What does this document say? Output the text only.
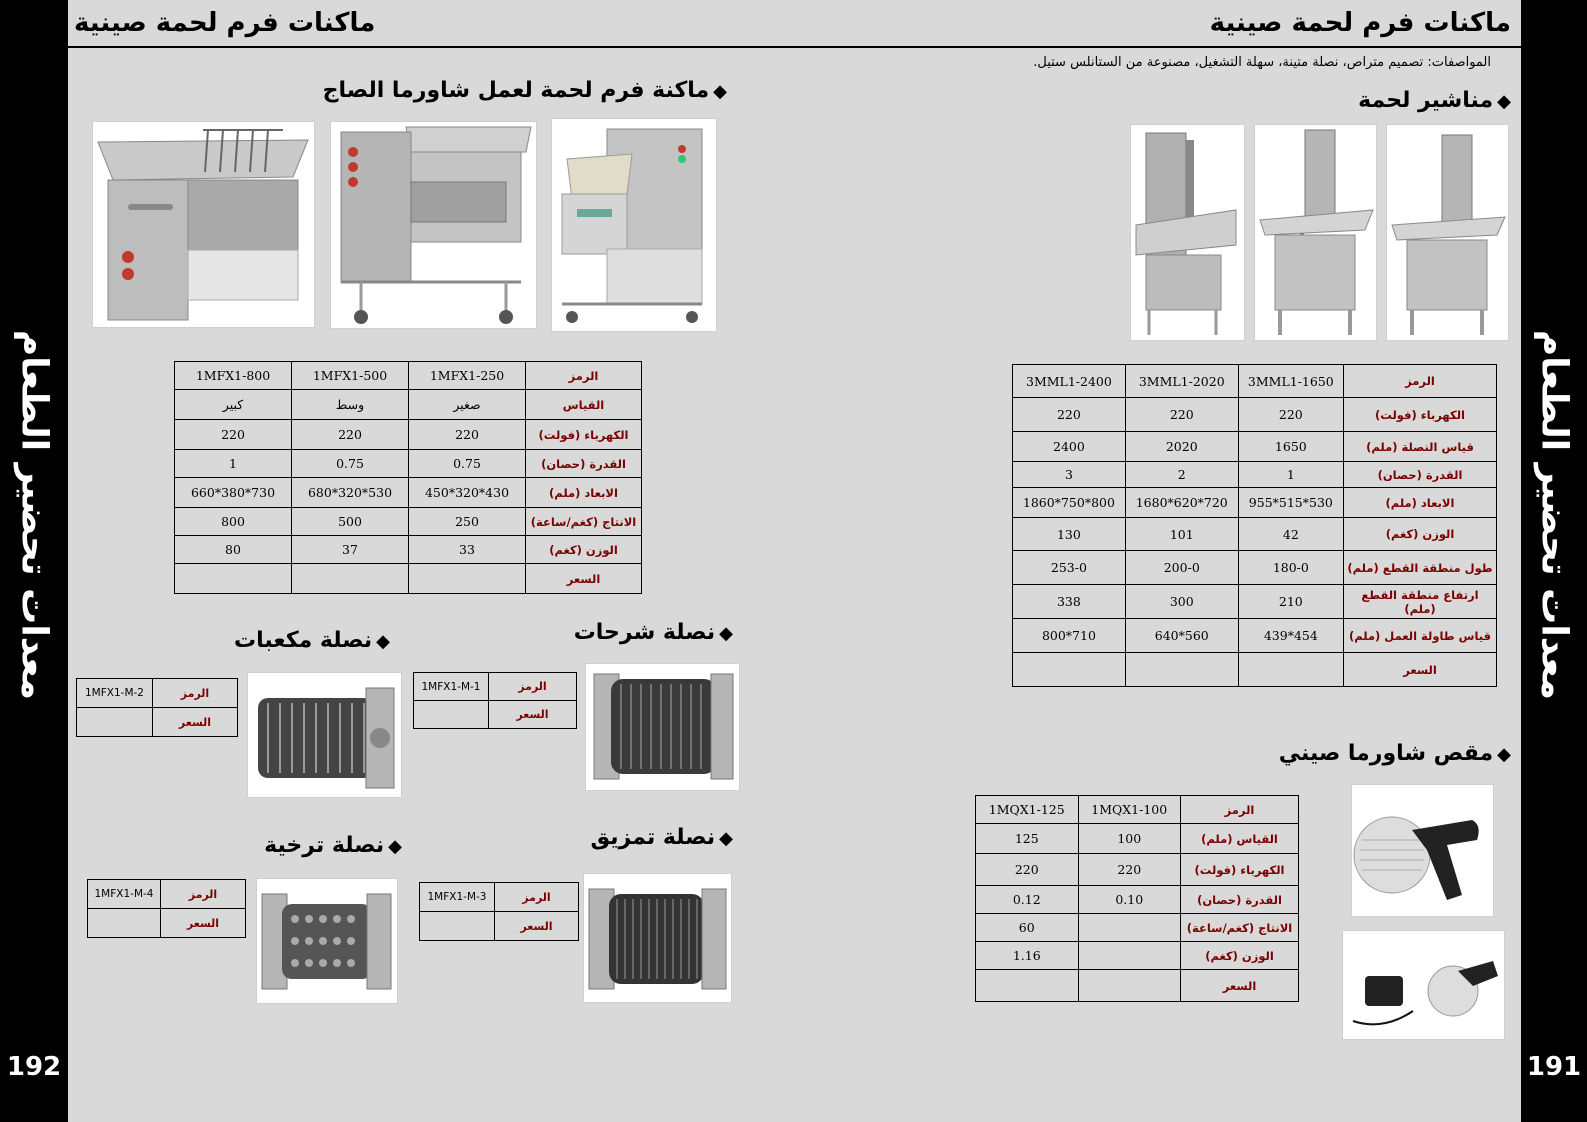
معدات تحضير الطعام
192
معدات تحضير الطعام
191
ماكنات فرم لحمة صينية	ماكنات فرم لحمة صينية
المواصفات: تصميم متراص، نصلة متينة، سهلة التشغيل، مصنوعة من الستانلس ستيل.
◆ماكنة فرم لحمة لعمل شاورما الصاج
الرمز	1MFX1-250	1MFX1-500	1MFX1-800
القياس	صغير	وسط	كبير
الكهرباء (فولت)	220	220	220
القدرة (حصان)	0.75	0.75	1
الابعاد (ملم)	430*320*450	530*320*680	730*380*660
الانتاج (كغم/ساعة)	250	500	800
الوزن (كغم)	33	37	80
السعر			
◆نصلة مكعبات	◆نصلة شرحات
◆نصلة ترخية	◆نصلة تمزيق
الرمز	1MFX1-M-2
السعر	
الرمز	1MFX1-M-1
السعر	
الرمز	1MFX1-M-4
السعر	
الرمز	1MFX1-M-3
السعر	
◆مناشير لحمة
الرمز	3MML1-1650	3MML1-2020	3MML1-2400
الكهرباء (فولت)	220	220	220
قياس النصلة (ملم)	1650	2020	2400
القدرة (حصان)	1	2	3
الابعاد (ملم)	530*515*955	720*620*1680	800*750*1860
الوزن (كغم)	42	101	130
طول منطقة القطع (ملم)	180-0	200-0	253-0
ارتفاع منطقة القطع (ملم)	210	300	338
قياس طاولة العمل (ملم)	454*439	560*640	710*800
السعر			
◆مقص شاورما صيني
الرمز	1MQX1-100	1MQX1-125
القياس (ملم)	100	125
الكهرباء (فولت)	220	220
القدرة (حصان)	0.10	0.12
الانتاج (كغم/ساعة)		60
الوزن (كغم)		1.16
السعر		
